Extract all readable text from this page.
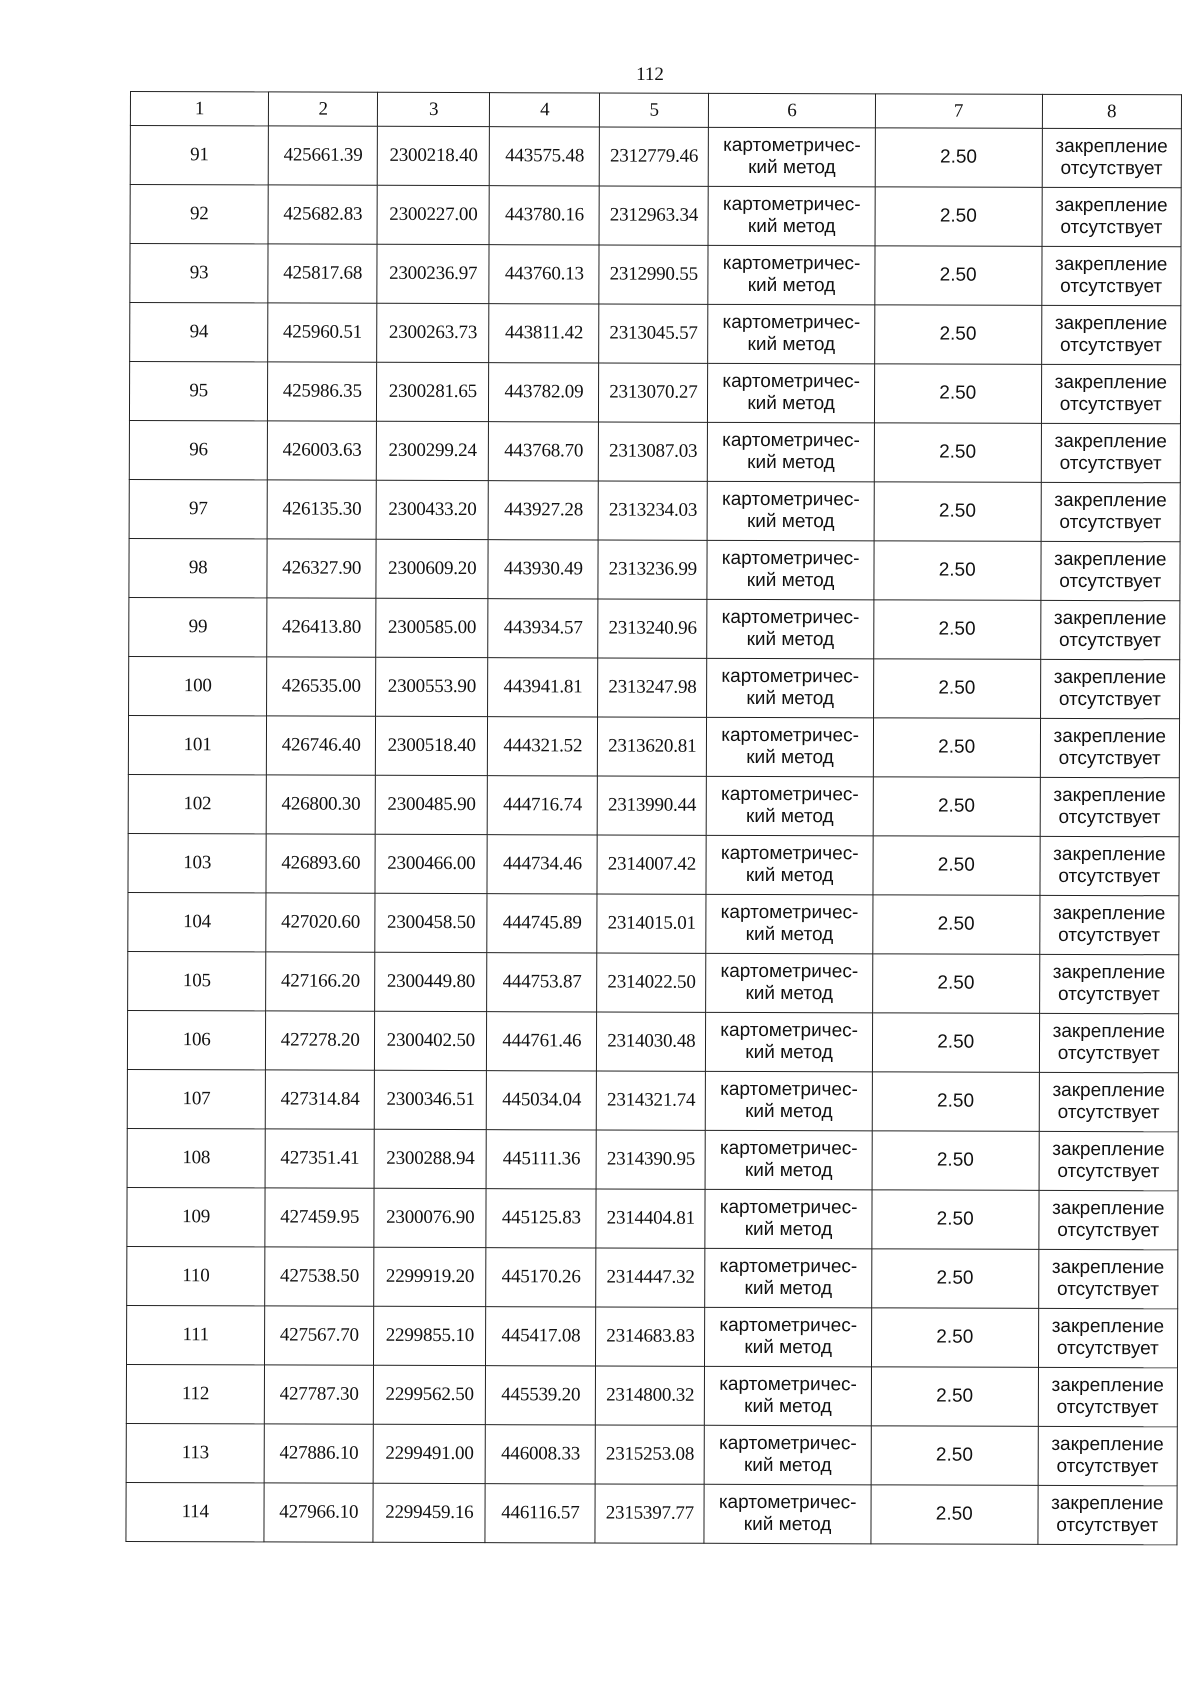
112
1	2	3	4	5	6	7	8
91	425661.39	2300218.40	443575.48	2312779.46	картометричес-
кий метод	2.50	закрепление
отсутствует

92	425682.83	2300227.00	443780.16	2312963.34	картометричес-
кий метод	2.50	закрепление
отсутствует

93	425817.68	2300236.97	443760.13	2312990.55	картометричес-
кий метод	2.50	закрепление
отсутствует

94	425960.51	2300263.73	443811.42	2313045.57	картометричес-
кий метод	2.50	закрепление
отсутствует

95	425986.35	2300281.65	443782.09	2313070.27	картометричес-
кий метод	2.50	закрепление
отсутствует

96	426003.63	2300299.24	443768.70	2313087.03	картометричес-
кий метод	2.50	закрепление
отсутствует

97	426135.30	2300433.20	443927.28	2313234.03	картометричес-
кий метод	2.50	закрепление
отсутствует

98	426327.90	2300609.20	443930.49	2313236.99	картометричес-
кий метод	2.50	закрепление
отсутствует

99	426413.80	2300585.00	443934.57	2313240.96	картометричес-
кий метод	2.50	закрепление
отсутствует

100	426535.00	2300553.90	443941.81	2313247.98	картометричес-
кий метод	2.50	закрепление
отсутствует

101	426746.40	2300518.40	444321.52	2313620.81	картометричес-
кий метод	2.50	закрепление
отсутствует

102	426800.30	2300485.90	444716.74	2313990.44	картометричес-
кий метод	2.50	закрепление
отсутствует

103	426893.60	2300466.00	444734.46	2314007.42	картометричес-
кий метод	2.50	закрепление
отсутствует

104	427020.60	2300458.50	444745.89	2314015.01	картометричес-
кий метод	2.50	закрепление
отсутствует

105	427166.20	2300449.80	444753.87	2314022.50	картометричес-
кий метод	2.50	закрепление
отсутствует

106	427278.20	2300402.50	444761.46	2314030.48	картометричес-
кий метод	2.50	закрепление
отсутствует

107	427314.84	2300346.51	445034.04	2314321.74	картометричес-
кий метод	2.50	закрепление
отсутствует

108	427351.41	2300288.94	445111.36	2314390.95	картометричес-
кий метод	2.50	закрепление
отсутствует

109	427459.95	2300076.90	445125.83	2314404.81	картометричес-
кий метод	2.50	закрепление
отсутствует

110	427538.50	2299919.20	445170.26	2314447.32	картометричес-
кий метод	2.50	закрепление
отсутствует

111	427567.70	2299855.10	445417.08	2314683.83	картометричес-
кий метод	2.50	закрепление
отсутствует

112	427787.30	2299562.50	445539.20	2314800.32	картометричес-
кий метод	2.50	закрепление
отсутствует

113	427886.10	2299491.00	446008.33	2315253.08	картометричес-
кий метод	2.50	закрепление
отсутствует

114	427966.10	2299459.16	446116.57	2315397.77	картометричес-
кий метод	2.50	закрепление
отсутствует
